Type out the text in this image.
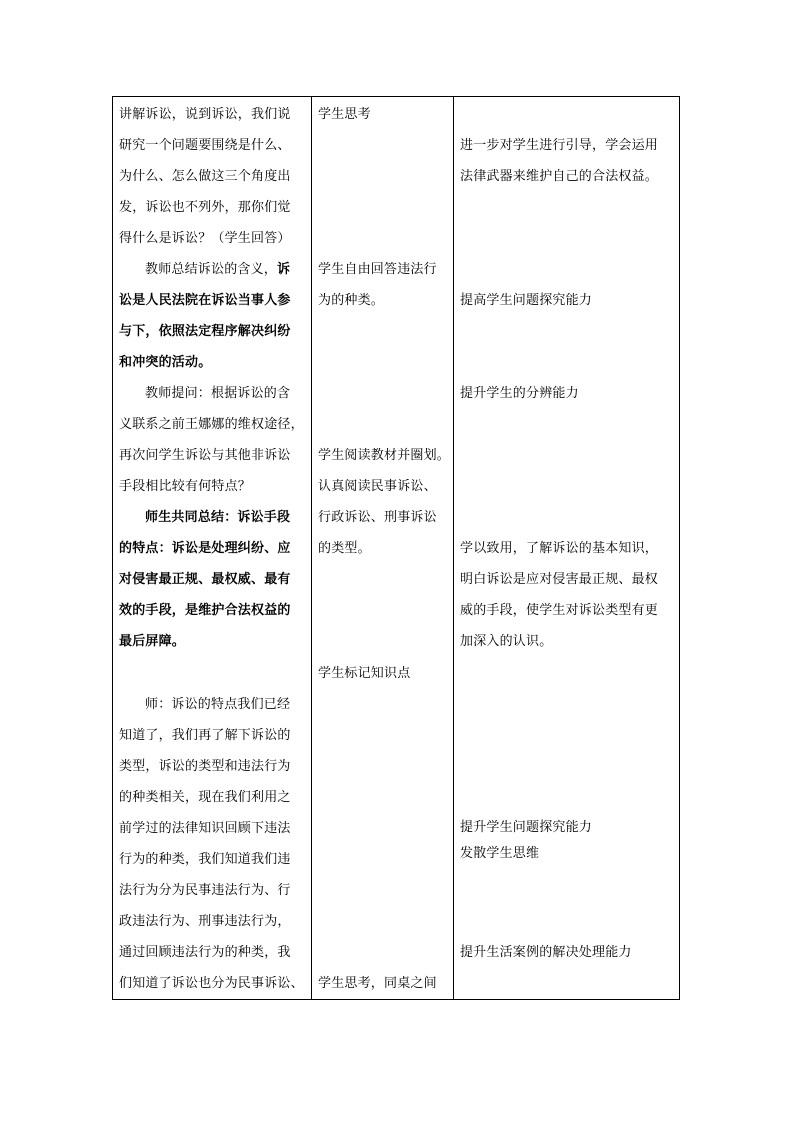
讲解诉讼，说到诉讼，我们说
研究一个问题要围绕是什么、
为什么、怎么做这三个角度出
发，诉讼也不列外，那你们觉
得什么是诉讼？（学生回答）
教师总结诉讼的含义，诉
讼是人民法院在诉讼当事人参
与下，依照法定程序解决纠纷
和冲突的活动。
教师提问：根据诉讼的含
义联系之前王娜娜的维权途径，
再次问学生诉讼与其他非诉讼
手段相比较有何特点？
师生共同总结：诉讼手段
的特点：诉讼是处理纠纷、应
对侵害最正规、最权威、最有
效的手段，是维护合法权益的
最后屏障。
师：诉讼的特点我们已经
知道了，我们再了解下诉讼的
类型，诉讼的类型和违法行为
的种类相关，现在我们利用之
前学过的法律知识回顾下违法
行为的种类，我们知道我们违
法行为分为民事违法行为、行
政违法行为、刑事违法行为，
通过回顾违法行为的种类，我
们知道了诉讼也分为民事诉讼、
学生思考
学生自由回答违法行
为的种类。
学生阅读教材并圈划。
认真阅读民事诉讼、
行政诉讼、刑事诉讼
的类型。
学生标记知识点
学生思考，同桌之间
进一步对学生进行引导，学会运用
法律武器来维护自己的合法权益。
提高学生问题探究能力
提升学生的分辨能力
学以致用，了解诉讼的基本知识，
明白诉讼是应对侵害最正规、最权
威的手段，使学生对诉讼类型有更
加深入的认识。
提升学生问题探究能力
发散学生思维
提升生活案例的解决处理能力
